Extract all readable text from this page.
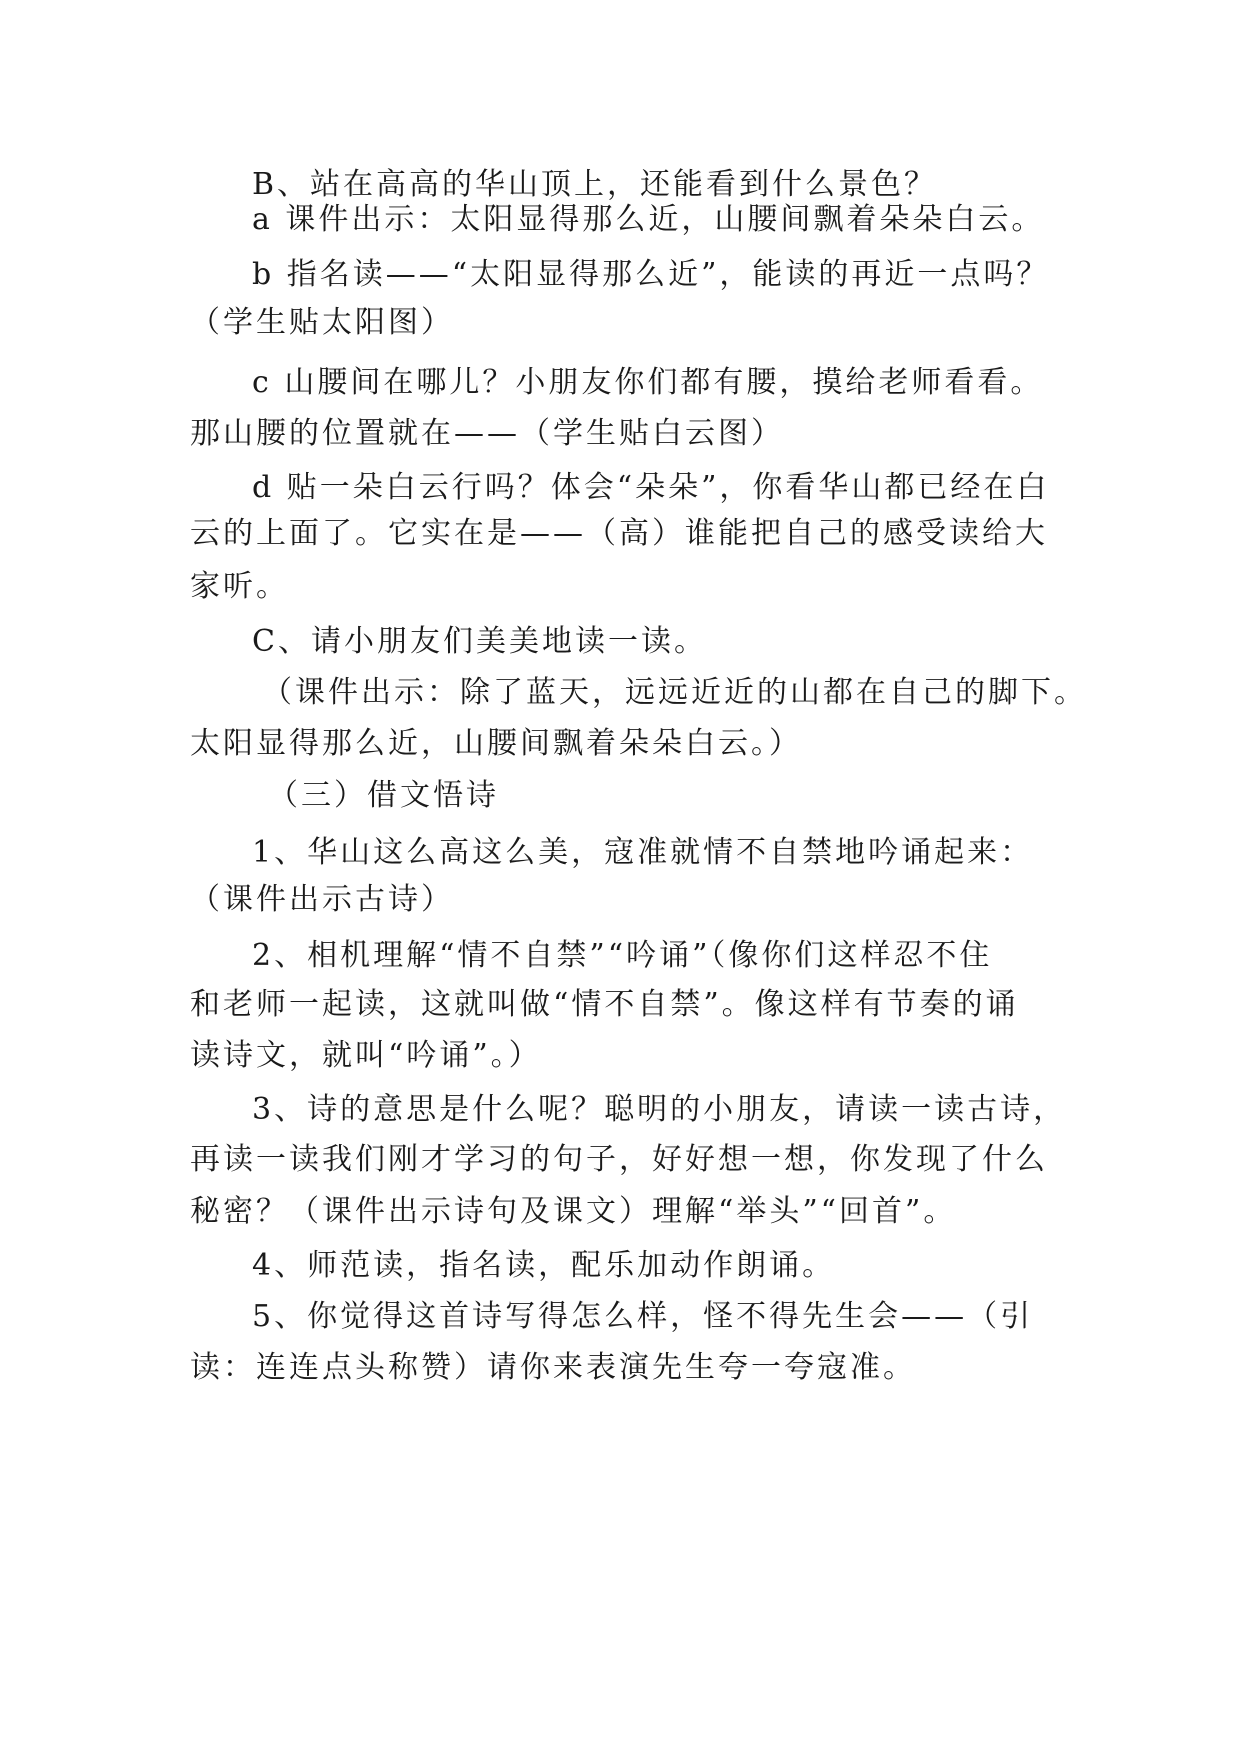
B、站在高高的华山顶上，还能看到什么景色？
a 课件出示：太阳显得那么近，山腰间飘着朵朵白云。
b 指名读——“太阳显得那么近”，能读的再近一点吗？
（学生贴太阳图）
c 山腰间在哪儿？小朋友你们都有腰，摸给老师看看。
那山腰的位置就在——（学生贴白云图）
d 贴一朵白云行吗？体会“朵朵”，你看华山都已经在白
云的上面了。它实在是——（高）谁能把自己的感受读给大
家听。
C、请小朋友们美美地读一读。
（课件出示：除了蓝天，远远近近的山都在自己的脚下。
太阳显得那么近，山腰间飘着朵朵白云。）
（三）借文悟诗
1、华山这么高这么美，寇准就情不自禁地吟诵起来：
（课件出示古诗）
2、相机理解“情不自禁”“吟诵”（像你们这样忍不住
和老师一起读，这就叫做“情不自禁”。像这样有节奏的诵
读诗文，就叫“吟诵”。）
3、诗的意思是什么呢？聪明的小朋友，请读一读古诗，
再读一读我们刚才学习的句子，好好想一想，你发现了什么
秘密？（课件出示诗句及课文）理解“举头”“回首”。
4、师范读，指名读，配乐加动作朗诵。
5、你觉得这首诗写得怎么样，怪不得先生会——（引
读：连连点头称赞）请你来表演先生夸一夸寇准。
